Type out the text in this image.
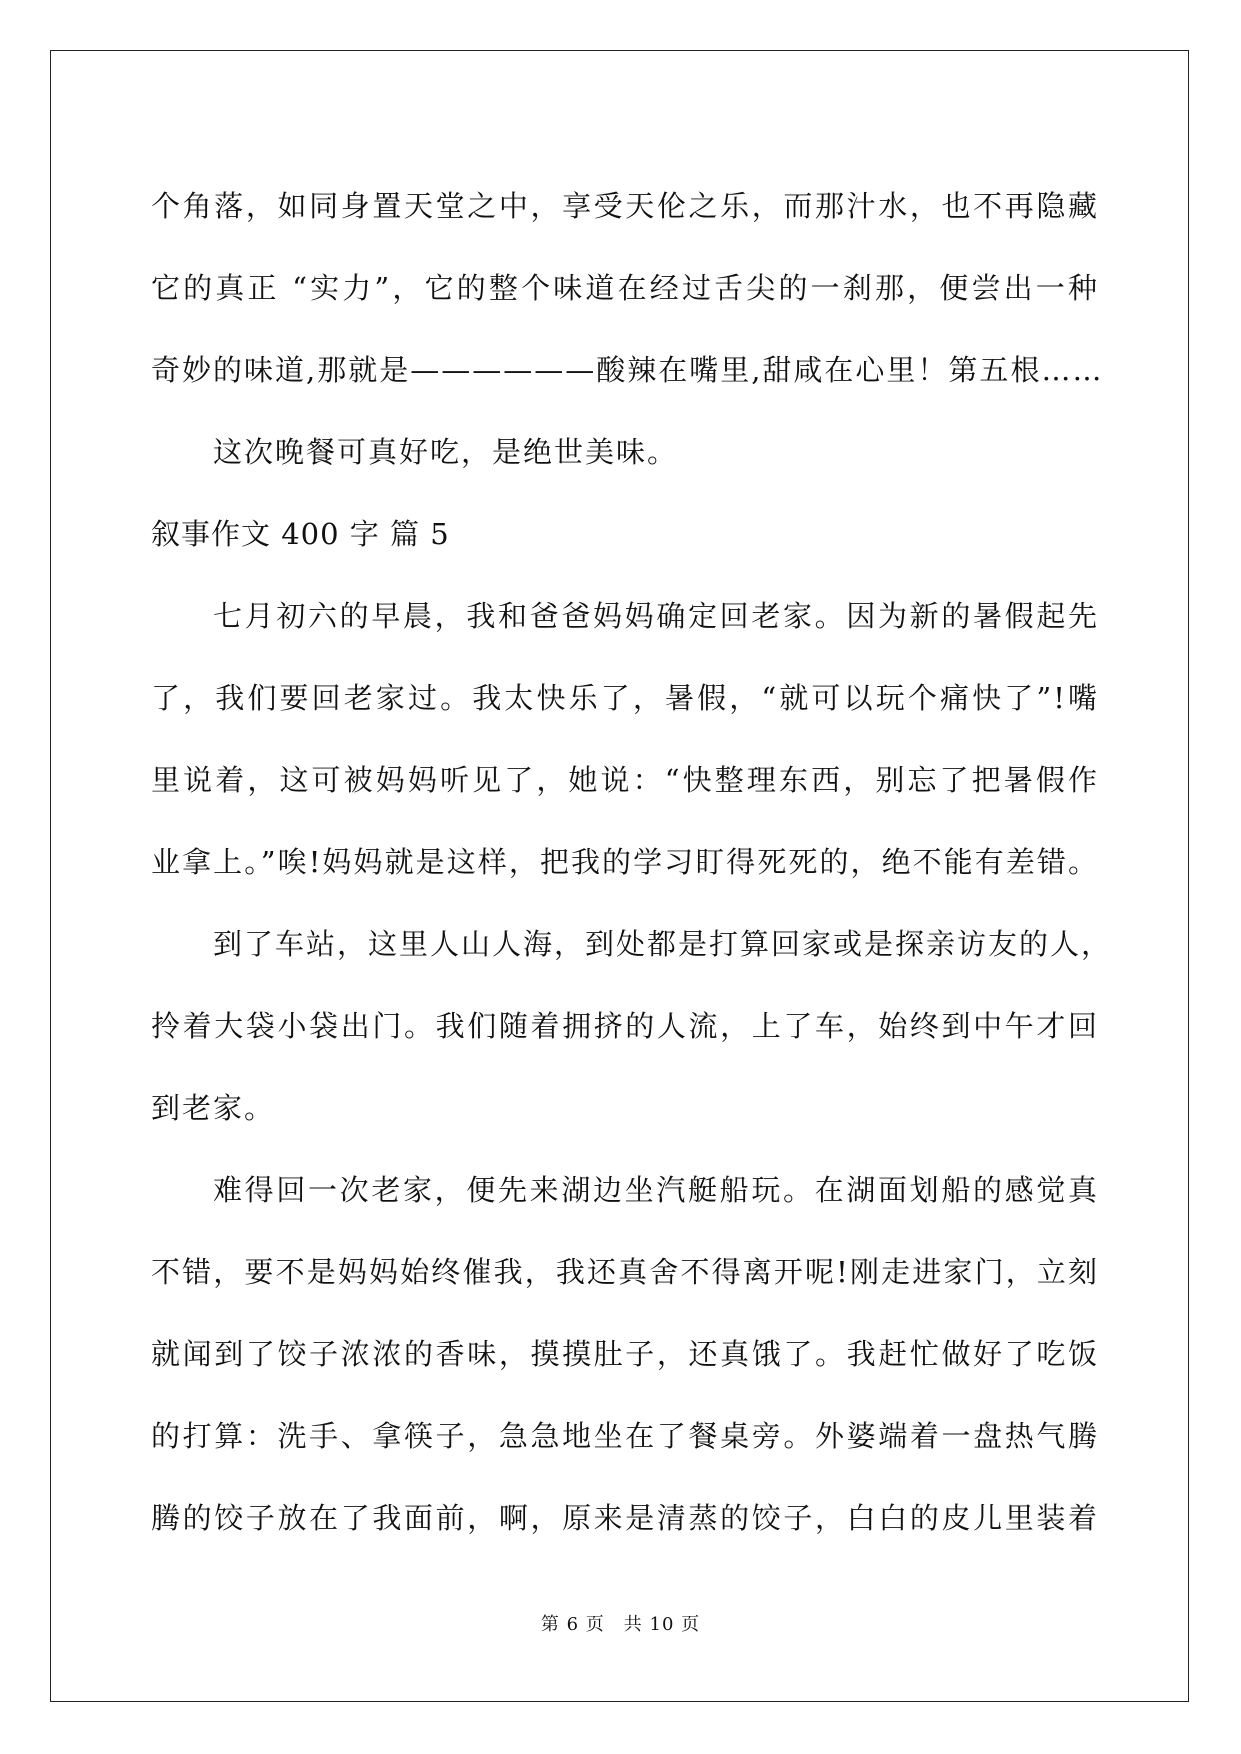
个角落，如同身置天堂之中，享受天伦之乐，而那汁水，也不再隐藏
它的真正 “实力”，它的整个味道在经过舌尖的一刹那，便尝出一种
奇妙的味道,那就是——————酸辣在嘴里,甜咸在心里！第五根……
这次晚餐可真好吃，是绝世美味。
叙事作文 400 字 篇 5
七月初六的早晨，我和爸爸妈妈确定回老家。因为新的暑假起先
了，我们要回老家过。我太快乐了，暑假，“就可以玩个痛快了”!嘴
里说着，这可被妈妈听见了，她说：“快整理东西，别忘了把暑假作
业拿上。”唉!妈妈就是这样，把我的学习盯得死死的，绝不能有差错。
到了车站，这里人山人海，到处都是打算回家或是探亲访友的人，
拎着大袋小袋出门。我们随着拥挤的人流，上了车，始终到中午才回
到老家。
难得回一次老家，便先来湖边坐汽艇船玩。在湖面划船的感觉真
不错，要不是妈妈始终催我，我还真舍不得离开呢!刚走进家门，立刻
就闻到了饺子浓浓的香味，摸摸肚子，还真饿了。我赶忙做好了吃饭
的打算：洗手、拿筷子，急急地坐在了餐桌旁。外婆端着一盘热气腾
腾的饺子放在了我面前，啊，原来是清蒸的饺子，白白的皮儿里装着
第 6 页　共 10 页
